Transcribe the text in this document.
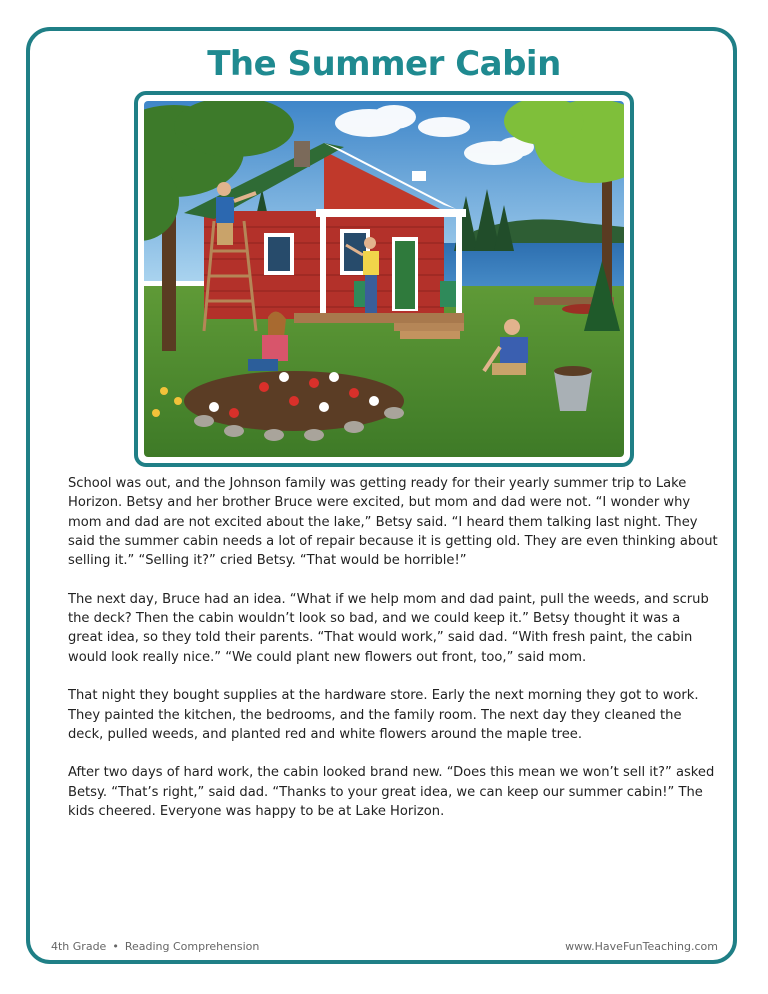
The Summer Cabin

School was out, and the Johnson family was getting ready for their yearly summer trip to Lake Horizon. Betsy and her brother Bruce were excited, but mom and dad were not. “I wonder why mom and dad are not excited about the lake,” Betsy said. “I heard them talking last night. They said the summer cabin needs a lot of repair because it is getting old. They are even thinking about selling it.” “Selling it?” cried Betsy. “That would be horrible!”

The next day, Bruce had an idea. “What if we help mom and dad paint, pull the weeds, and scrub the deck? Then the cabin wouldn’t look so bad, and we could keep it.” Betsy thought it was a great idea, so they told their parents. “That would work,” said dad. “With fresh paint, the cabin would look really nice.” “We could plant new flowers out front, too,” said mom.

That night they bought supplies at the hardware store. Early the next morning they got to work. They painted the kitchen, the bedrooms, and the family room. The next day they cleaned the deck, pulled weeds, and planted red and white flowers around the maple tree.

After two days of hard work, the cabin looked brand new. “Does this mean we won’t sell it?” asked Betsy. “That’s right,” said dad. “Thanks to your great idea, we can keep our summer cabin!” The kids cheered. Everyone was happy to be at Lake Horizon.

4th Grade • Reading Comprehension	www.HaveFunTeaching.com
